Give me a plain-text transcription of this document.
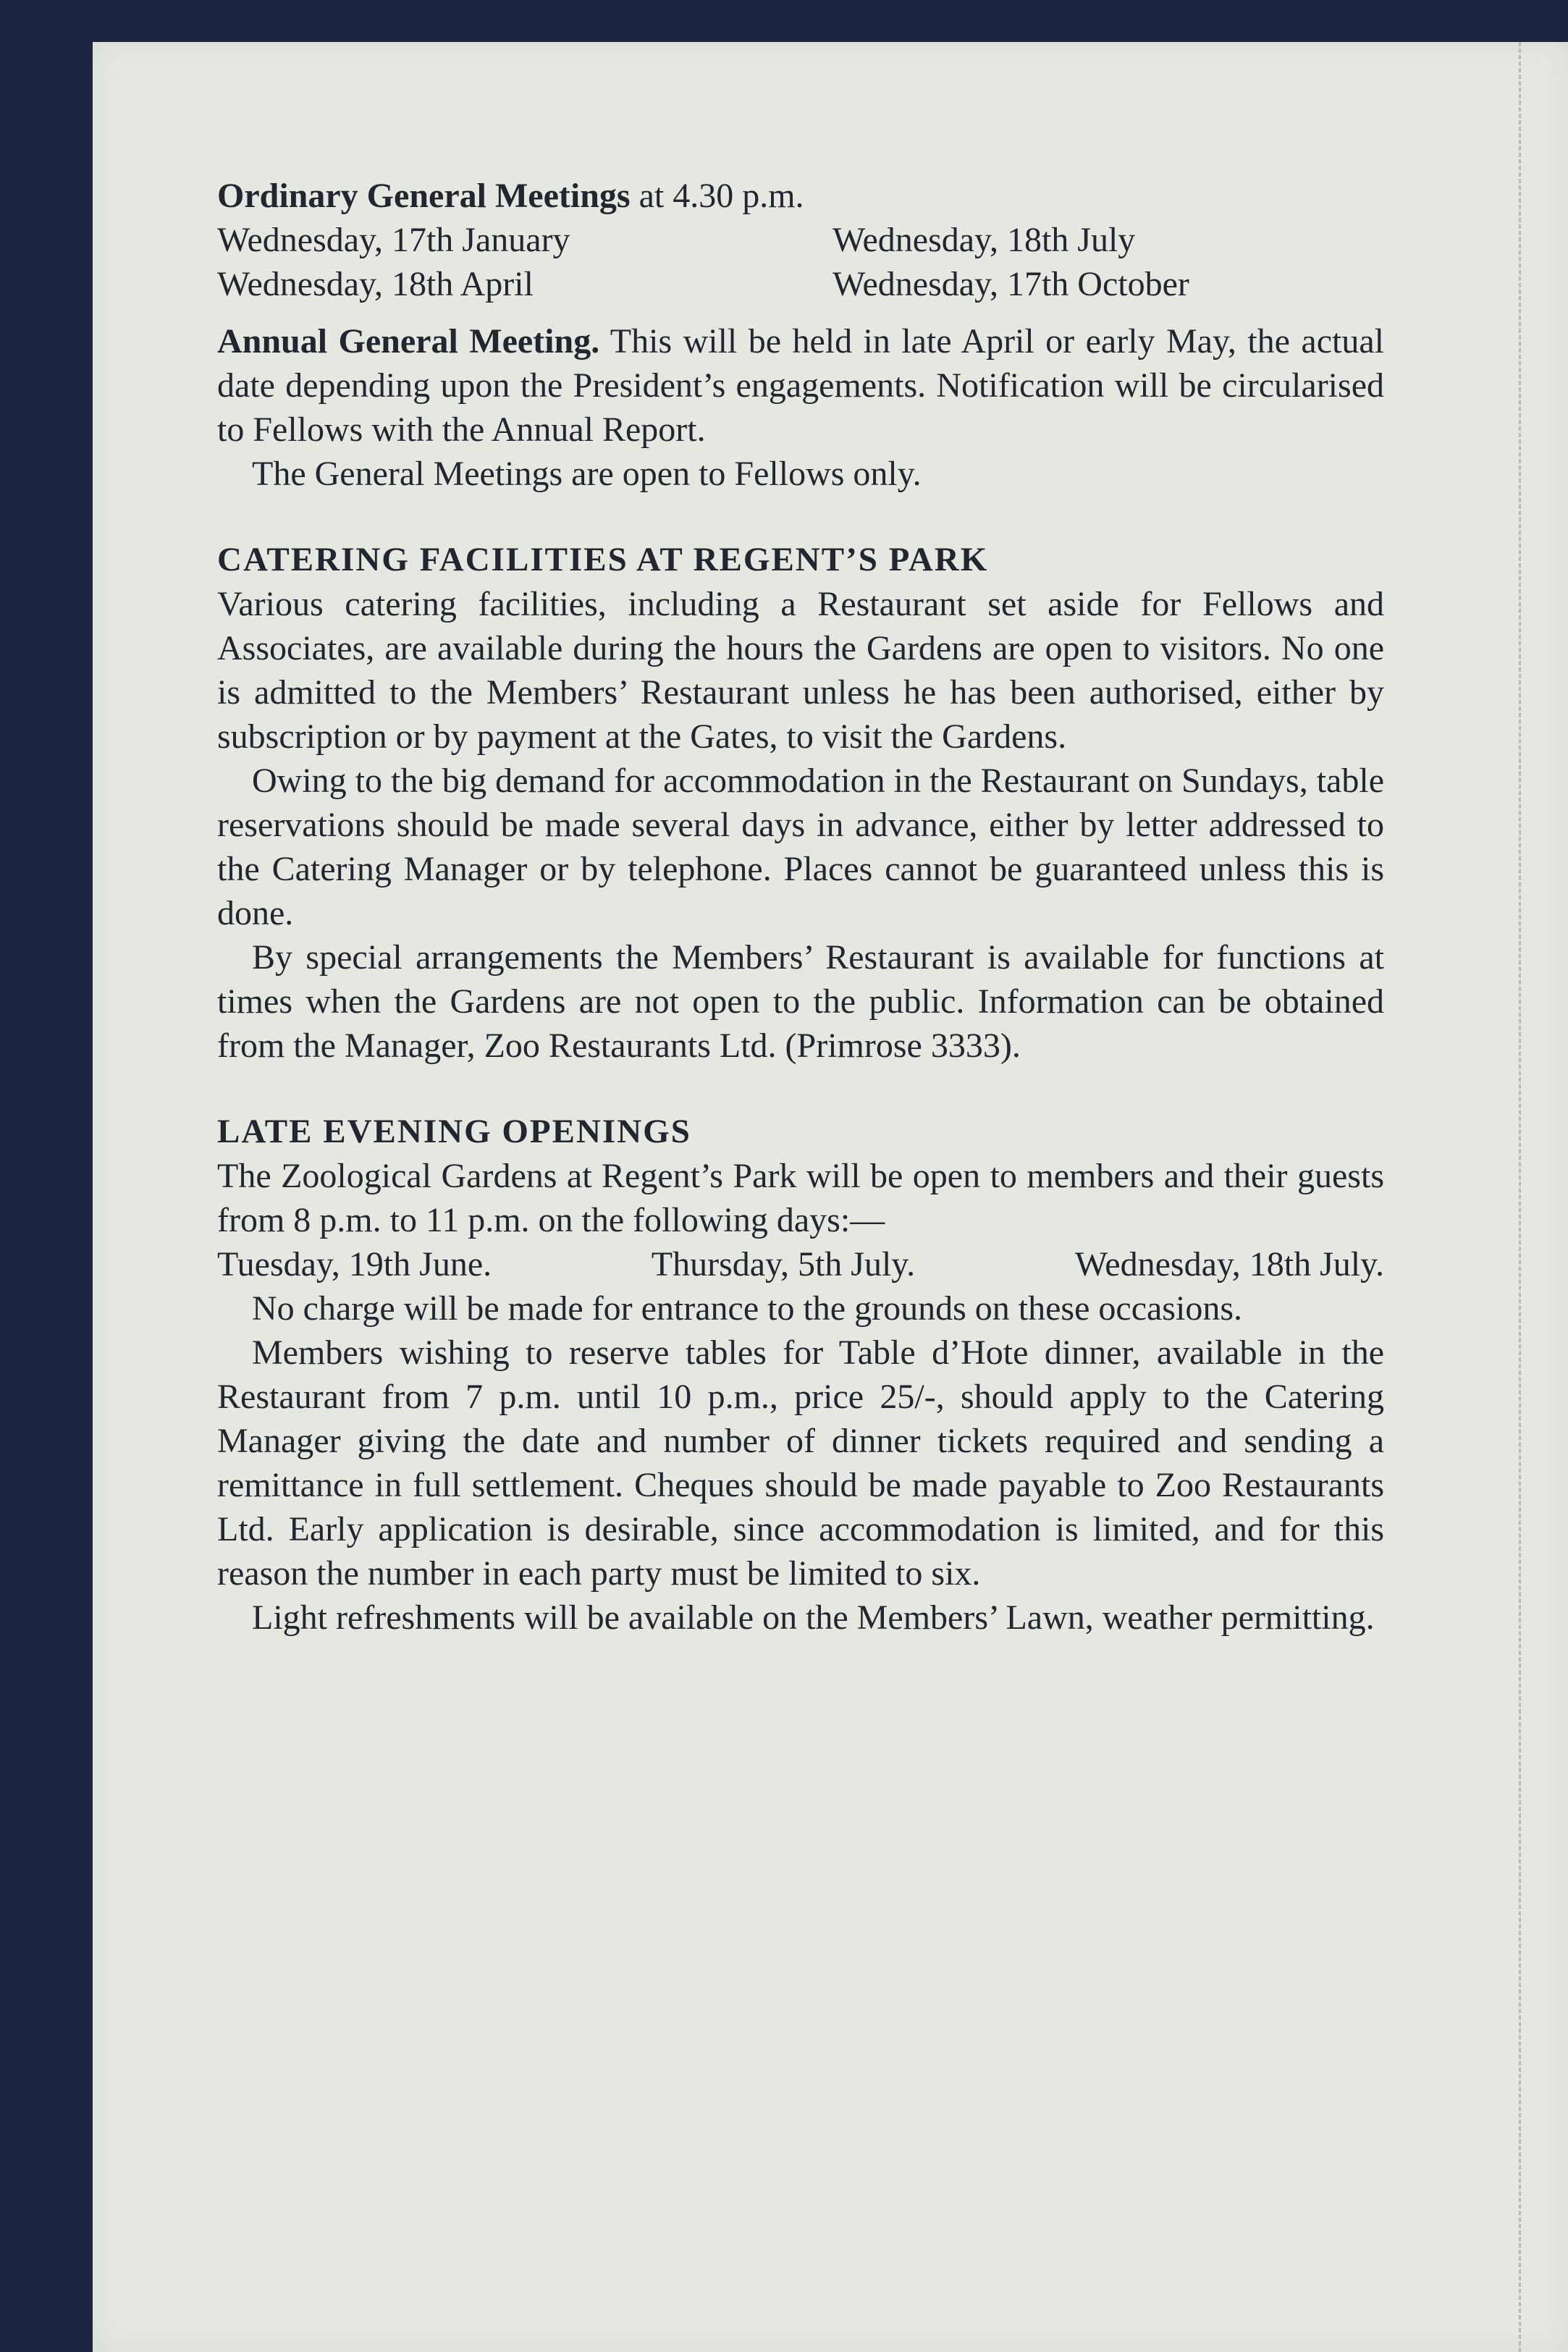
Ordinary General Meetings at 4.30 p.m.

Wednesday, 17th January	Wednesday, 18th July
Wednesday, 18th April	Wednesday, 17th October

Annual General Meeting. This will be held in late April or early May, the actual date depending upon the President’s engagements. Notification will be circularised to Fellows with the Annual Report.

The General Meetings are open to Fellows only.

CATERING FACILITIES AT REGENT’S PARK

Various catering facilities, including a Restaurant set aside for Fellows and Associates, are available during the hours the Gardens are open to visitors. No one is admitted to the Members’ Restaurant unless he has been authorised, either by subscription or by payment at the Gates, to visit the Gardens.

Owing to the big demand for accommodation in the Restaurant on Sundays, table reservations should be made several days in advance, either by letter addressed to the Catering Manager or by telephone. Places cannot be guaranteed unless this is done.

By special arrangements the Members’ Restaurant is available for functions at times when the Gardens are not open to the public. Information can be obtained from the Manager, Zoo Restaurants Ltd. (Primrose 3333).

LATE EVENING OPENINGS

The Zoological Gardens at Regent’s Park will be open to members and their guests from 8 p.m. to 11 p.m. on the following days:—

Tuesday, 19th June.	Thursday, 5th July.	Wednesday, 18th July.

No charge will be made for entrance to the grounds on these occasions.

Members wishing to reserve tables for Table d’Hote dinner, available in the Restaurant from 7 p.m. until 10 p.m., price 25/-, should apply to the Catering Manager giving the date and number of dinner tickets required and sending a remittance in full settlement. Cheques should be made payable to Zoo Restaurants Ltd. Early application is desirable, since accommodation is limited, and for this reason the number in each party must be limited to six.

Light refreshments will be available on the Members’ Lawn, weather permitting.
